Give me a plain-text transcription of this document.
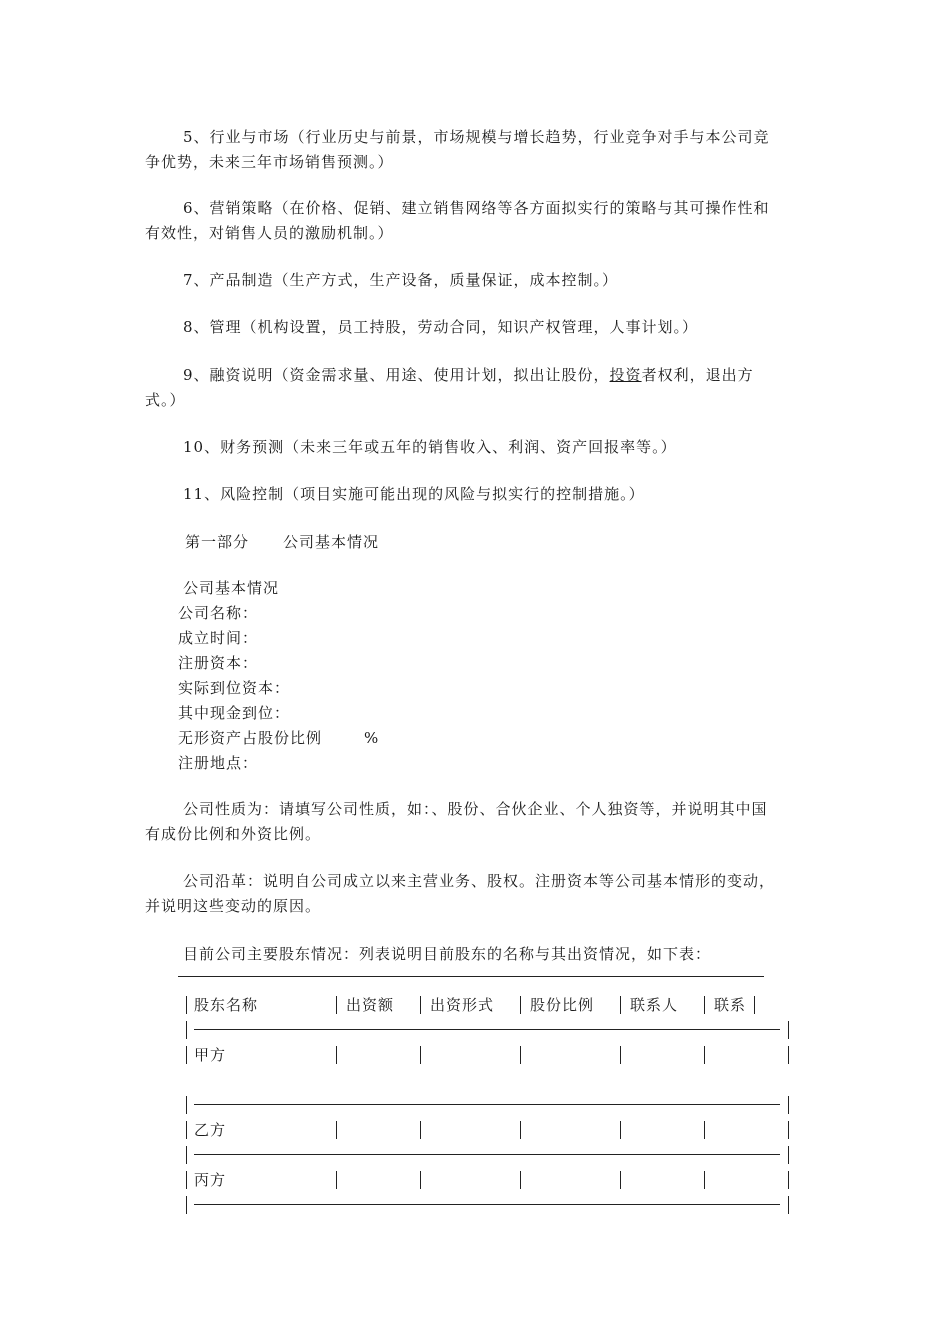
5、行业与市场（行业历史与前景，市场规模与增长趋势，行业竞争对手与本公司竞
争优势，未来三年市场销售预测。）
6、营销策略（在价格、促销、建立销售网络等各方面拟实行的策略与其可操作性和
有效性，对销售人员的激励机制。）
7、产品制造（生产方式，生产设备，质量保证，成本控制。）
8、管理（机构设置，员工持股，劳动合同，知识产权管理，人事计划。）
9、融资说明（资金需求量、用途、使用计划，拟出让股份，投资者权利，退出方
式。）
10、财务预测（未来三年或五年的销售收入、利润、资产回报率等。）
11、风险控制（项目实施可能出现的风险与拟实行的控制措施。）
第一部分 公司基本情况
公司基本情况
公司名称：
成立时间：
注册资本：
实际到位资本：
其中现金到位：
无形资产占股份比例	%
注册地点：
公司性质为：请填写公司性质，如：、股份、合伙企业、个人独资等，并说明其中国
有成份比例和外资比例。
公司沿革：说明自公司成立以来主营业务、股权。注册资本等公司基本情形的变动，
并说明这些变动的原因。
目前公司主要股东情况：列表说明目前股东的名称与其出资情况，如下表：
股东名称	出资额 出资形式 股份比例 联系人 联系
甲方
乙方
丙方
